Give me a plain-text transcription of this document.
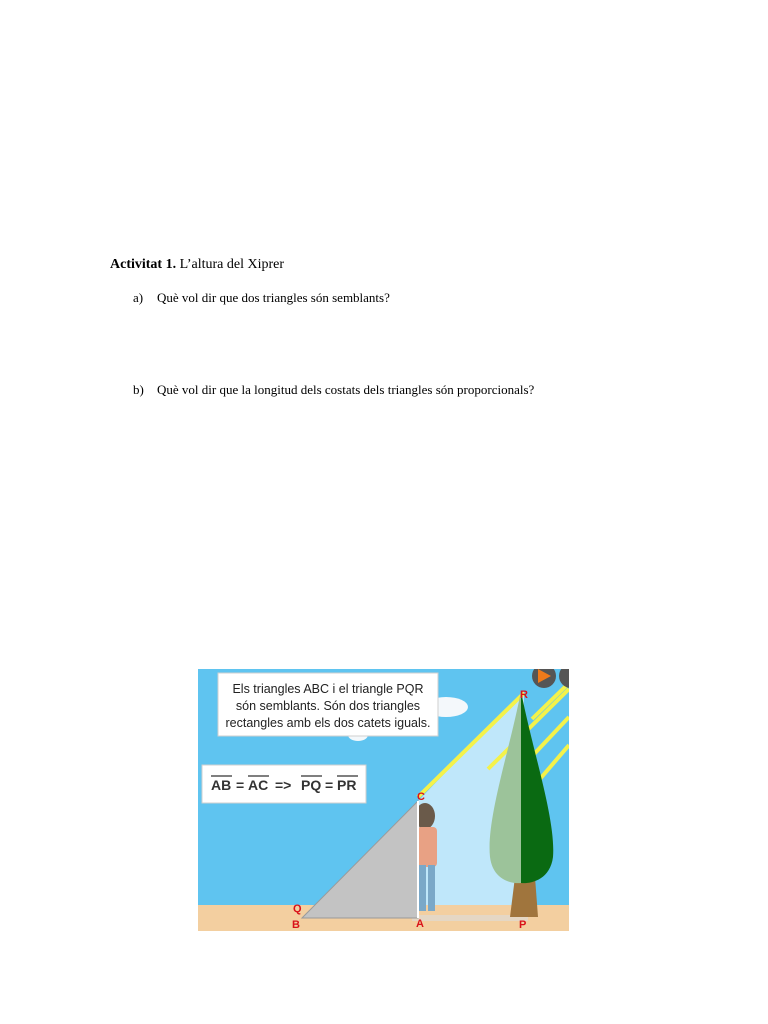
Activitat 1. L’altura del Xiprer
a) Què vol dir que dos triangles són semblants?
b) Què vol dir que la longitud dels costats dels triangles són proporcionals?
Els triangles ABC i el triangle PQR
són semblants. Són dos triangles
rectangles amb els dos catets iguals.
AB = AC => PQ = PR
Q
B	A
C
P
R
